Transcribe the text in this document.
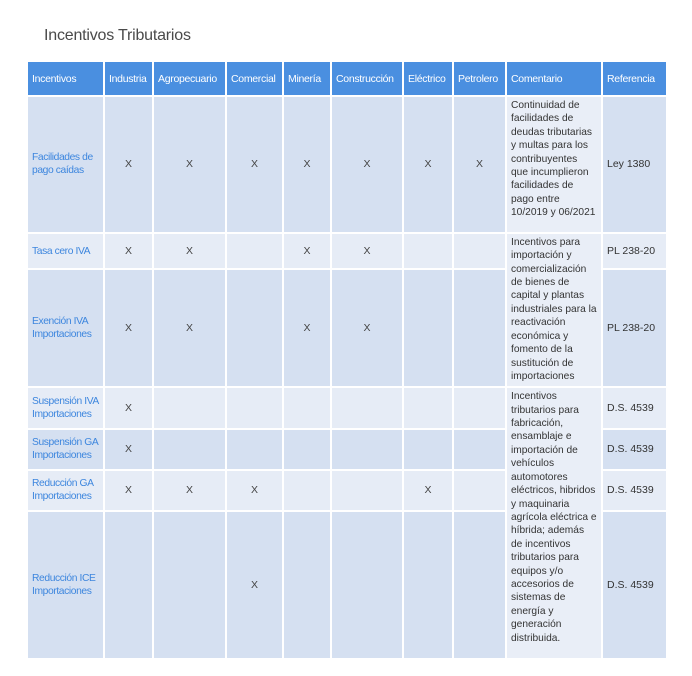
Incentivos Tributarios
Incentivos	Industria	Agropecuario	Comercial	Minería	Construcción	Eléctrico	Petrolero	Comentario	Referencia
Facilidades de pago caídas	X	X	X	X	X	X	X	Continuidad de facilidades de deudas tributarias y multas para los contribuyentes que incumplieron facilidades de pago entre 10/2019 y 06/2021	Ley 1380
Tasa cero IVA	X	X		X	X			Incentivos para importación y comercialización de bienes de capital y plantas industriales para la reactivación económica y fomento de la sustitución de importaciones	PL 238-20
Exención IVA Importaciones	X	X		X	X				PL 238-20
Suspensión IVA Importaciones	X							Incentivos tributarios para fabricación, ensamblaje e importación de vehículos automotores eléctricos, hibridos y maquinaria agrícola eléctrica e híbrida; además de incentivos tributarios para equipos y/o accesorios de sistemas de energía y generación distribuida.	D.S. 4539
Suspensión GA Importaciones	X								D.S. 4539
Reducción GA Importaciones	X	X	X			X			D.S. 4539
Reducción ICE Importaciones			X						D.S. 4539
